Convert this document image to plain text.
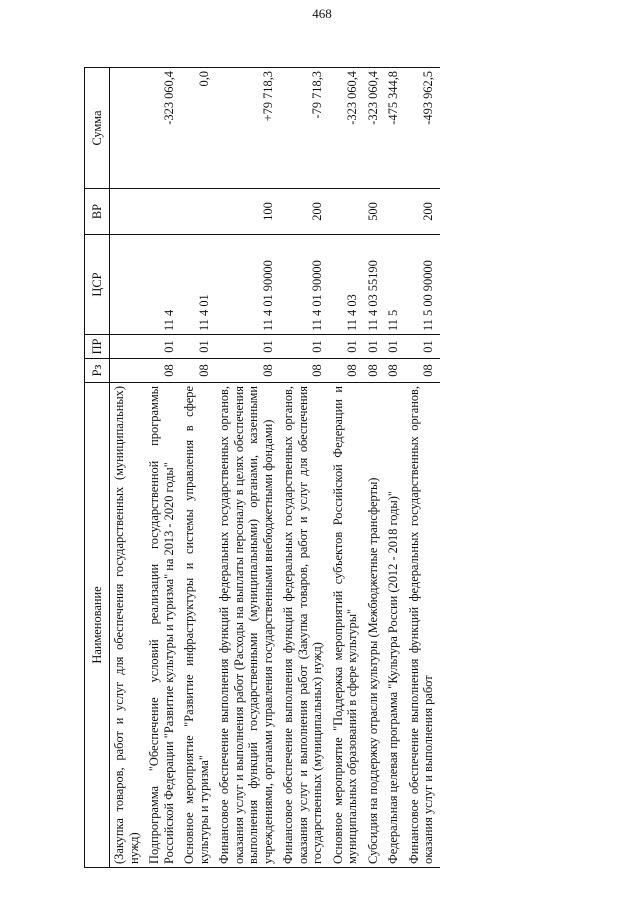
468
Наименование	Рз	ПР	ЦСР	ВР	Сумма
(Закупка товаров, работ и услуг для обеспечения государственных (муниципальных) нужд)					
Подпрограмма "Обеспечение условий реализации государственной программы Российской Федерации "Развитие культуры и туризма" на 2013 - 2020 годы"	08	01	11 4		-323 060,4
Основное мероприятие "Развитие инфраструктуры и системы управления в сфере культуры и туризма"	08	01	11 4 01		0,0
Финансовое обеспечение выполнения функций федеральных государственных органов, оказания услуг и выполнения работ (Расходы на выплаты персоналу в целях обеспечения выполнения функций государственными (муниципальными) органами, казенными учреждениями, органами управления государственными внебюджетными фондами)	08	01	11 4 01 90000	100	+79 718,3
Финансовое обеспечение выполнения функций федеральных государственных органов, оказания услуг и выполнения работ (Закупка товаров, работ и услуг для обеспечения государственных (муниципальных) нужд)	08	01	11 4 01 90000	200	-79 718,3
Основное мероприятие "Поддержка мероприятий субъектов Российской Федерации и муниципальных образований в сфере культуры"	08	01	11 4 03		-323 060,4
Субсидия на поддержку отрасли культуры (Межбюджетные трансферты)	08	01	11 4 03 55190	500	-323 060,4
Федеральная целевая программа "Культура России (2012 - 2018 годы)"	08	01	11 5		-475 344,8
Финансовое обеспечение выполнения функций федеральных государственных органов, оказания услуг и выполнения работ	08	01	11 5 00 90000	200	-493 962,5
